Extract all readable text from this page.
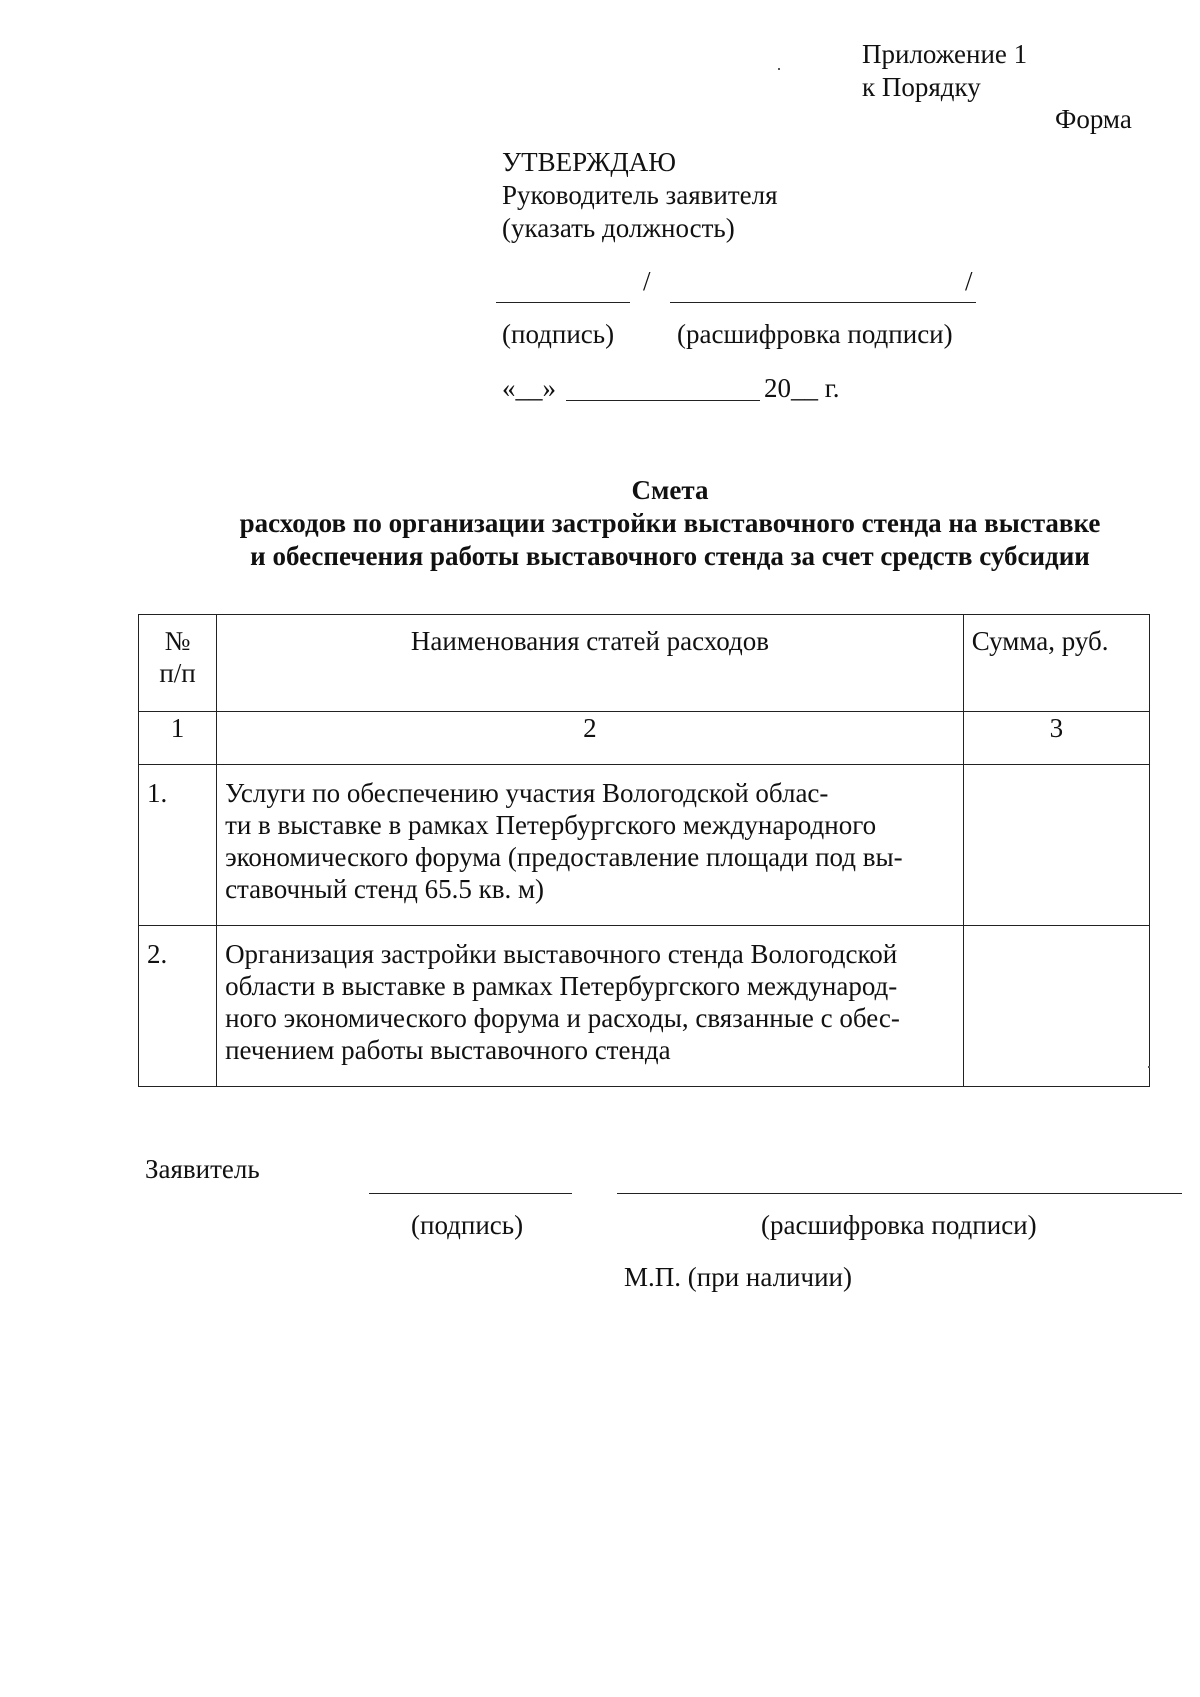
Приложение 1
к Порядку
Форма
УТВЕРЖДАЮ
Руководитель заявителя
(указать должность)
/	/
(подпись) (расшифровка подписи)
«__»	20__ г.
Смета
расходов по организации застройки выставочного стенда на выставке
и обеспечения работы выставочного стенда за счет средств субсидии
№
п/п	Наименования статей расходов	Сумма, руб.
1	2	3
1.	Услуги по обеспечению участия Вологодской облас-
ти в выставке в рамках Петербургского международного
экономического форума (предоставление площади под вы-
ставочный стенд 65.5 кв. м)	

2.	Организация застройки выставочного стенда Вологодской
области в выставке в рамках Петербургского международ-
ного экономического форума и расходы, связанные с обес-
печением работы выставочного стенда	

Заявитель
(подпись)	(расшифровка подписи)
М.П. (при наличии)
